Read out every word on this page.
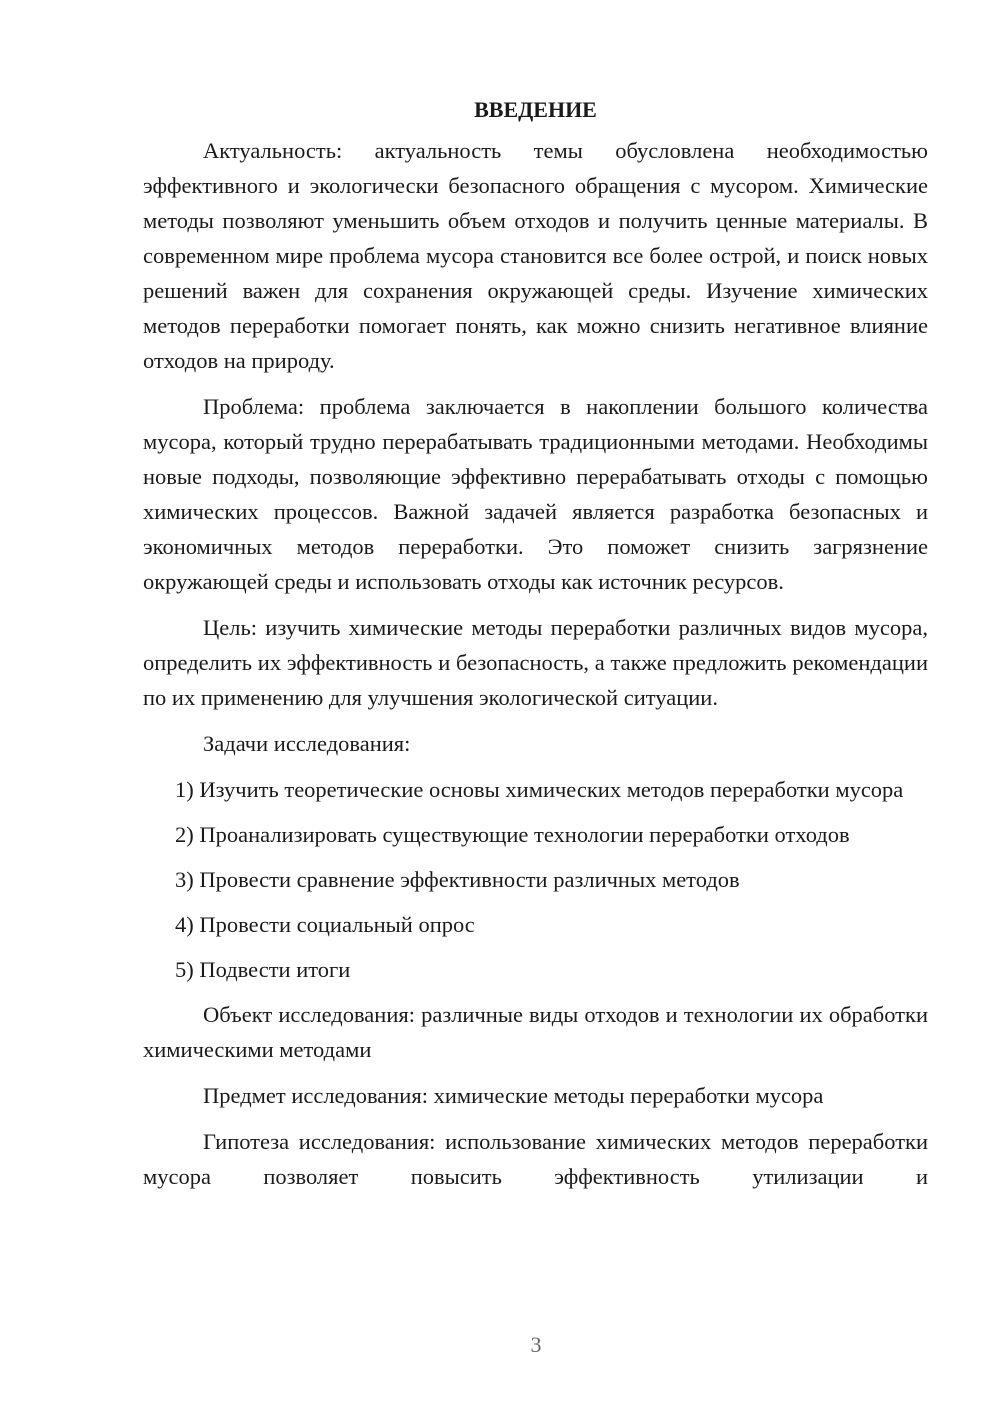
ВВЕДЕНИЕ

Актуальность: актуальность темы обусловлена необходимостью эффективного и экологически безопасного обращения с мусором. Химические методы позволяют уменьшить объем отходов и получить ценные материалы. В современном мире проблема мусора становится все более острой, и поиск новых решений важен для сохранения окружающей среды. Изучение химических методов переработки помогает понять, как можно снизить негативное влияние отходов на природу.

Проблема: проблема заключается в накоплении большого количества мусора, который трудно перерабатывать традиционными методами. Необходимы новые подходы, позволяющие эффективно перерабатывать отходы с помощью химических процессов. Важной задачей является разработка безопасных и экономичных методов переработки. Это поможет снизить загрязнение окружающей среды и использовать отходы как источник ресурсов.

Цель: изучить химические методы переработки различных видов мусора, определить их эффективность и безопасность, а также предложить рекомендации по их применению для улучшения экологической ситуации.

Задачи исследования:

1) Изучить теоретические основы химических методов переработки мусора

2) Проанализировать существующие технологии переработки отходов

3) Провести сравнение эффективности различных методов

4) Провести социальный опрос

5) Подвести итоги

Объект исследования: различные виды отходов и технологии их обработки химическими методами

Предмет исследования: химические методы переработки мусора

Гипотеза исследования: использование химических методов переработки мусора позволяет повысить эффективность утилизации и

3
